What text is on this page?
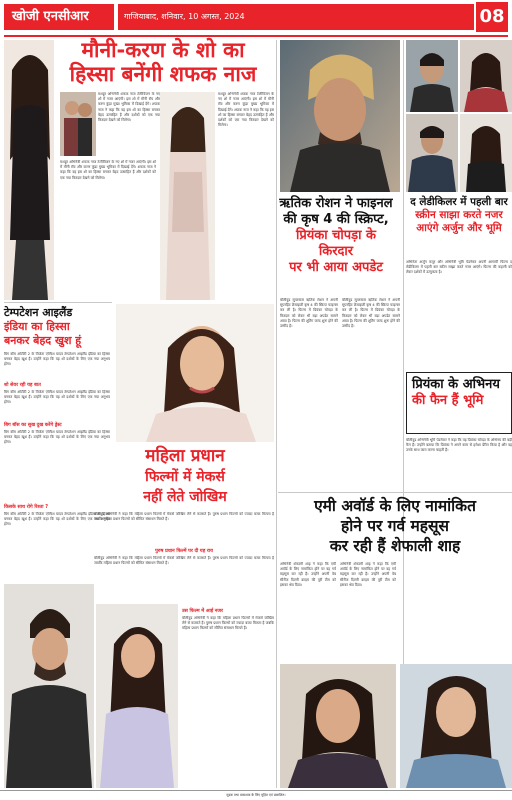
खोजी एनसीआर	गाजियाबाद, शनिवार, 10 अगस्त, 2024	08
मौनी-करण के शो का
हिस्सा बनेंगी शफक नाज
मशहूर अभिनेत्री शफक नाज टेलीविजन के नए शो में नजर आएंगी। इस शो में मौनी रॉय और करण कुंद्रा मुख्य भूमिका में दिखाई देंगे। शफक नाज ने कहा कि वह इस शो का हिस्सा बनकर बेहद उत्साहित हैं और दर्शकों को एक नया किरदार देखने को मिलेगा।
मशहूर अभिनेत्री शफक नाज टेलीविजन के नए शो में नजर आएंगी। इस शो में मौनी रॉय और करण कुंद्रा मुख्य भूमिका में दिखाई देंगे। शफक नाज ने कहा कि वह इस शो का हिस्सा बनकर बेहद उत्साहित हैं और दर्शकों को एक नया किरदार देखने को मिलेगा।
मशहूर अभिनेत्री शफक नाज टेलीविजन के नए शो में नजर आएंगी। इस शो में मौनी रॉय और करण कुंद्रा मुख्य भूमिका में दिखाई देंगे। शफक नाज ने कहा कि वह इस शो का हिस्सा बनकर बेहद उत्साहित हैं और दर्शकों को एक नया किरदार देखने को मिलेगा।
ऋतिक रोशन ने फाइनल
की कृष 4 की स्क्रिप्ट,
प्रियंका चोपड़ा के किरदार
पर भी आया अपडेट
बॉलीवुड सुपरस्टार ऋतिक रोशन ने अपनी सुपरहिट फ्रेंचाइजी कृष 4 की स्क्रिप्ट फाइनल कर ली है। फिल्म में प्रियंका चोपड़ा के किरदार को लेकर भी बड़ा अपडेट सामने आया है। फिल्म की शूटिंग जल्द शुरू होने की उम्मीद है।
बॉलीवुड सुपरस्टार ऋतिक रोशन ने अपनी सुपरहिट फ्रेंचाइजी कृष 4 की स्क्रिप्ट फाइनल कर ली है। फिल्म में प्रियंका चोपड़ा के किरदार को लेकर भी बड़ा अपडेट सामने आया है। फिल्म की शूटिंग जल्द शुरू होने की उम्मीद है।
द लेडीकिलर में पहली बार
स्क्रीन साझा करते नजर
आएंगे अर्जुन और भूमि
अभिनेता अर्जुन कपूर और अभिनेत्री भूमि पेडनेकर अपनी आगामी फिल्म द लेडीकिलर में पहली बार स्क्रीन साझा करते नजर आएंगे। फिल्म की कहानी को लेकर दर्शकों में उत्सुकता है।
टेम्पटेशन आइलैंड
इंडिया का हिस्सा
बनकर बेहद खुश हूं
बिग बॉस ओटीटी 2 के विजेता एल्विश यादव टेम्पटेशन आइलैंड इंडिया का हिस्सा बनकर बेहद खुश हैं। उन्होंने कहा कि यह शो दर्शकों के लिए एक नया अनुभव होगा।
शो सेवर रही यह बात
बिग बॉस ओटीटी 2 के विजेता एल्विश यादव टेम्पटेशन आइलैंड इंडिया का हिस्सा बनकर बेहद खुश हैं। उन्होंने कहा कि यह शो दर्शकों के लिए एक नया अनुभव होगा।
बिग बॉस का सुख दुख करेंगे ड्रेस्ट
बिग बॉस ओटीटी 2 के विजेता एल्विश यादव टेम्पटेशन आइलैंड इंडिया का हिस्सा बनकर बेहद खुश हैं। उन्होंने कहा कि यह शो दर्शकों के लिए एक नया अनुभव होगा।
किसके साथ रोगे रिश्ता ?
बिग बॉस ओटीटी 2 के विजेता एल्विश यादव टेम्पटेशन आइलैंड इंडिया का हिस्सा बनकर बेहद खुश हैं। उन्होंने कहा कि यह शो दर्शकों के लिए एक नया अनुभव होगा।
महिला प्रधान
फिल्मों में मेकर्स
नहीं लेते जोखिम
बॉलीवुड अभिनेत्री ने कहा कि महिला प्रधान फिल्मों में मेकर्स जोखिम लेने से कतराते हैं। पुरुष प्रधान फिल्मों को ज्यादा बजट मिलता है जबकि महिला प्रधान फिल्मों को सीमित संसाधन मिलते हैं।
पुरुष प्रधान फिल्में पर दी यह राय
बॉलीवुड अभिनेत्री ने कहा कि महिला प्रधान फिल्मों में मेकर्स जोखिम लेने से कतराते हैं। पुरुष प्रधान फिल्मों को ज्यादा बजट मिलता है जबकि महिला प्रधान फिल्मों को सीमित संसाधन मिलते हैं।
उस फिल्म में आई नजर
बॉलीवुड अभिनेत्री ने कहा कि महिला प्रधान फिल्मों में मेकर्स जोखिम लेने से कतराते हैं। पुरुष प्रधान फिल्मों को ज्यादा बजट मिलता है जबकि महिला प्रधान फिल्मों को सीमित संसाधन मिलते हैं।
एमी अवॉर्ड के लिए नामांकित
होने पर गर्व महसूस
कर रही हैं शेफाली शाह
अभिनेत्री शेफाली शाह ने कहा कि एमी अवॉर्ड के लिए नामांकित होने पर वह गर्व महसूस कर रही हैं। उन्होंने अपनी वेब सीरीज दिल्ली क्राइम की पूरी टीम को इसका श्रेय दिया।
अभिनेत्री शेफाली शाह ने कहा कि एमी अवॉर्ड के लिए नामांकित होने पर वह गर्व महसूस कर रही हैं। उन्होंने अपनी वेब सीरीज दिल्ली क्राइम की पूरी टीम को इसका श्रेय दिया।
प्रियंका के अभिनय
की फैन हैं भूमि
बॉलीवुड अभिनेत्री भूमि पेडनेकर ने कहा कि वह प्रियंका चोपड़ा के अभिनय की बड़ी फैन हैं। उन्होंने बताया कि प्रियंका ने अपने काम से हमेशा प्रेरित किया है और वह उनके साथ काम करना चाहती हैं।
मुद्रक तथा प्रकाशक के लिए मुद्रित एवं प्रकाशित।
